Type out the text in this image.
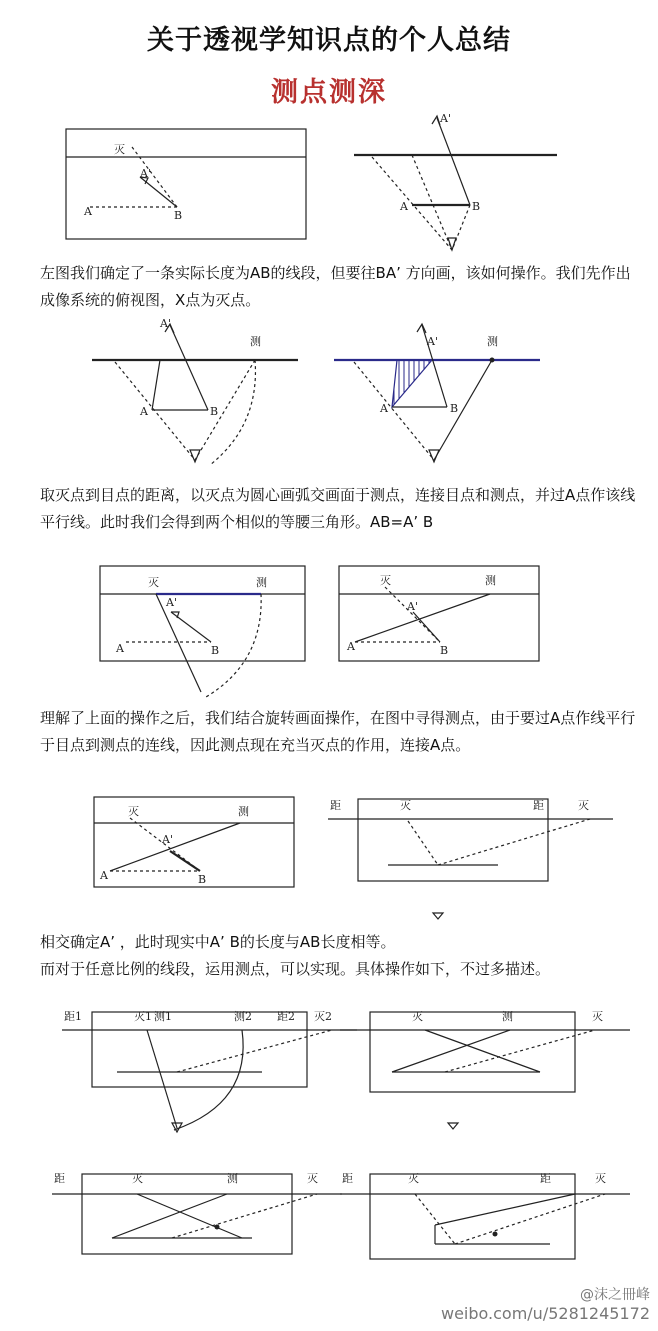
关于透视学知识点的个人总结
测点测深
灭
A'
A	B
A'
A	B
左图我们确定了一条实际长度为AB的线段，但要往BA’ 方向画，该如何操作。我们先作出成像系统的俯视图，X点为灭点。
A'
测
A	B
A'	测
A	B
取灭点到目点的距离，以灭点为圆心画弧交画面于测点，连接目点和测点，并过A点作该线平行线。此时我们会得到两个相似的等腰三角形。AB=A’ B
灭	测
A'
A	B
灭	测
A'
A	B
理解了上面的操作之后，我们结合旋转画面操作，在图中寻得测点，由于要过A点作线平行于目点到测点的连线，因此测点现在充当灭点的作用，连接A点。
灭	测
A'
A	B
距	灭	距	灭
相交确定A’ ，此时现实中A’ B的长度与AB长度相等。
而对于任意比例的线段，运用测点，可以实现。具体操作如下，不过多描述。
距1	灭1 测1	测2 距2 灭2	灭	测	灭
距	灭	测	灭 距	灭	距	灭
@沫之冊峰
weibo.com/u/5281245172
